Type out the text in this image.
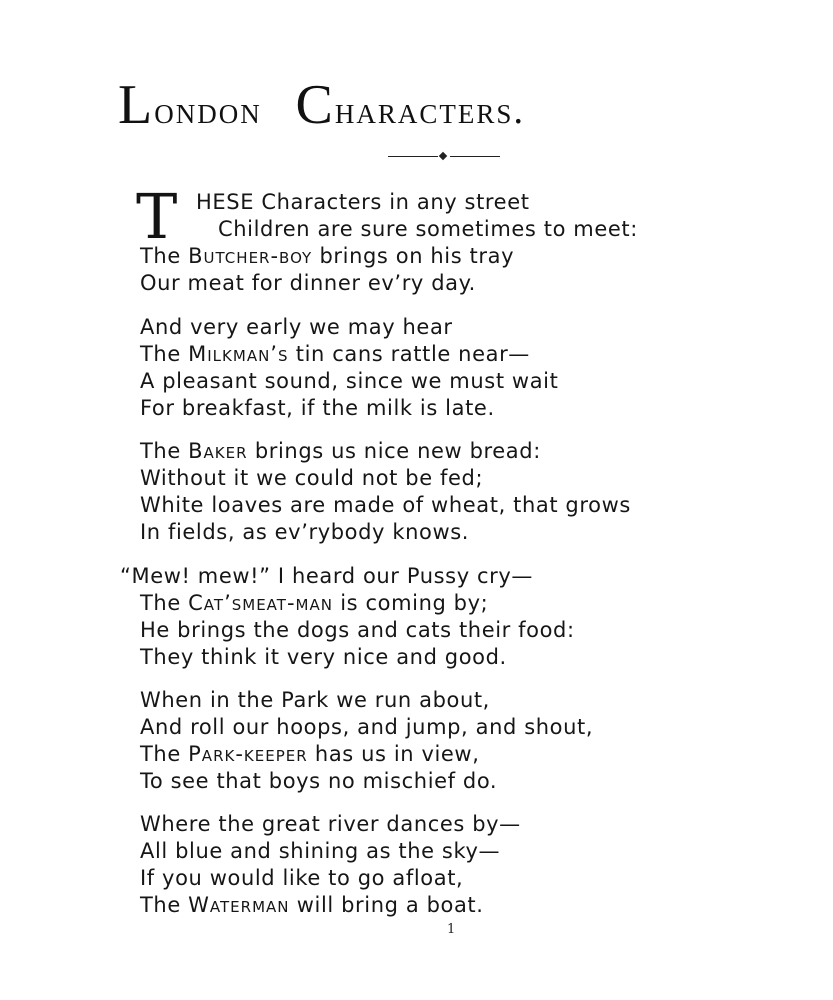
London Characters.
T HESE Characters in any street
Children are sure sometimes to meet:
The Butcher-boy brings on his tray
Our meat for dinner ev’ry day.
And very early we may hear
The Milkman’s tin cans rattle near—
A pleasant sound, since we must wait
For breakfast, if the milk is late.
The Baker brings us nice new bread:
Without it we could not be fed;
White loaves are made of wheat, that grows
In fields, as ev’rybody knows.
“Mew! mew!” I heard our Pussy cry—
The Cat’smeat-man is coming by;
He brings the dogs and cats their food:
They think it very nice and good.
When in the Park we run about,
And roll our hoops, and jump, and shout,
The Park-keeper has us in view,
To see that boys no mischief do.
Where the great river dances by—
All blue and shining as the sky—
If you would like to go afloat,
The Waterman will bring a boat.
1
